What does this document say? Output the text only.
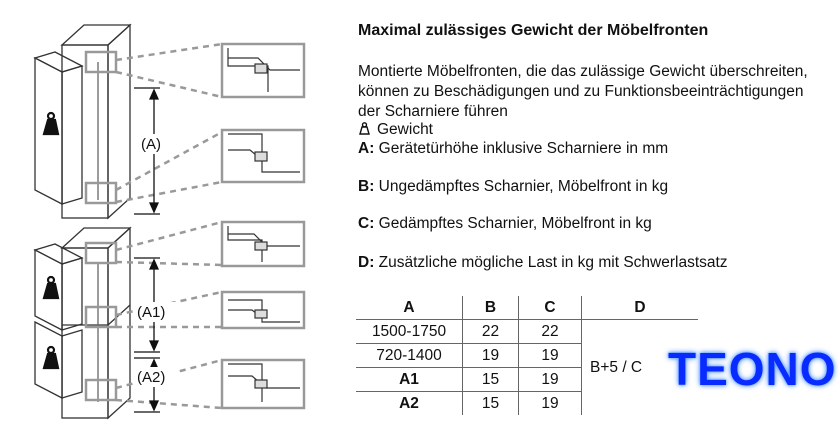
(A)
(A1)
(A2)
Maximal zulässiges Gewicht der Möbelfronten
Montierte Möbelfronten, die das zulässige Gewicht überschreiten, können zu Beschädigungen und zu Funktionsbeeinträchtigungen der Scharniere führen
Gewicht
A: Gerätetürhöhe inklusive Scharniere in mm
B: Ungedämpftes Scharnier, Möbelfront in kg
C: Gedämpftes Scharnier, Möbelfront in kg
D: Zusätzliche mögliche Last in kg mit Schwerlastsatz
A	B	C	D
1500-1750	22	22	B+5 / C
720-1400	19	19	
A1	15	19	
A2	15	19	
TEONO
